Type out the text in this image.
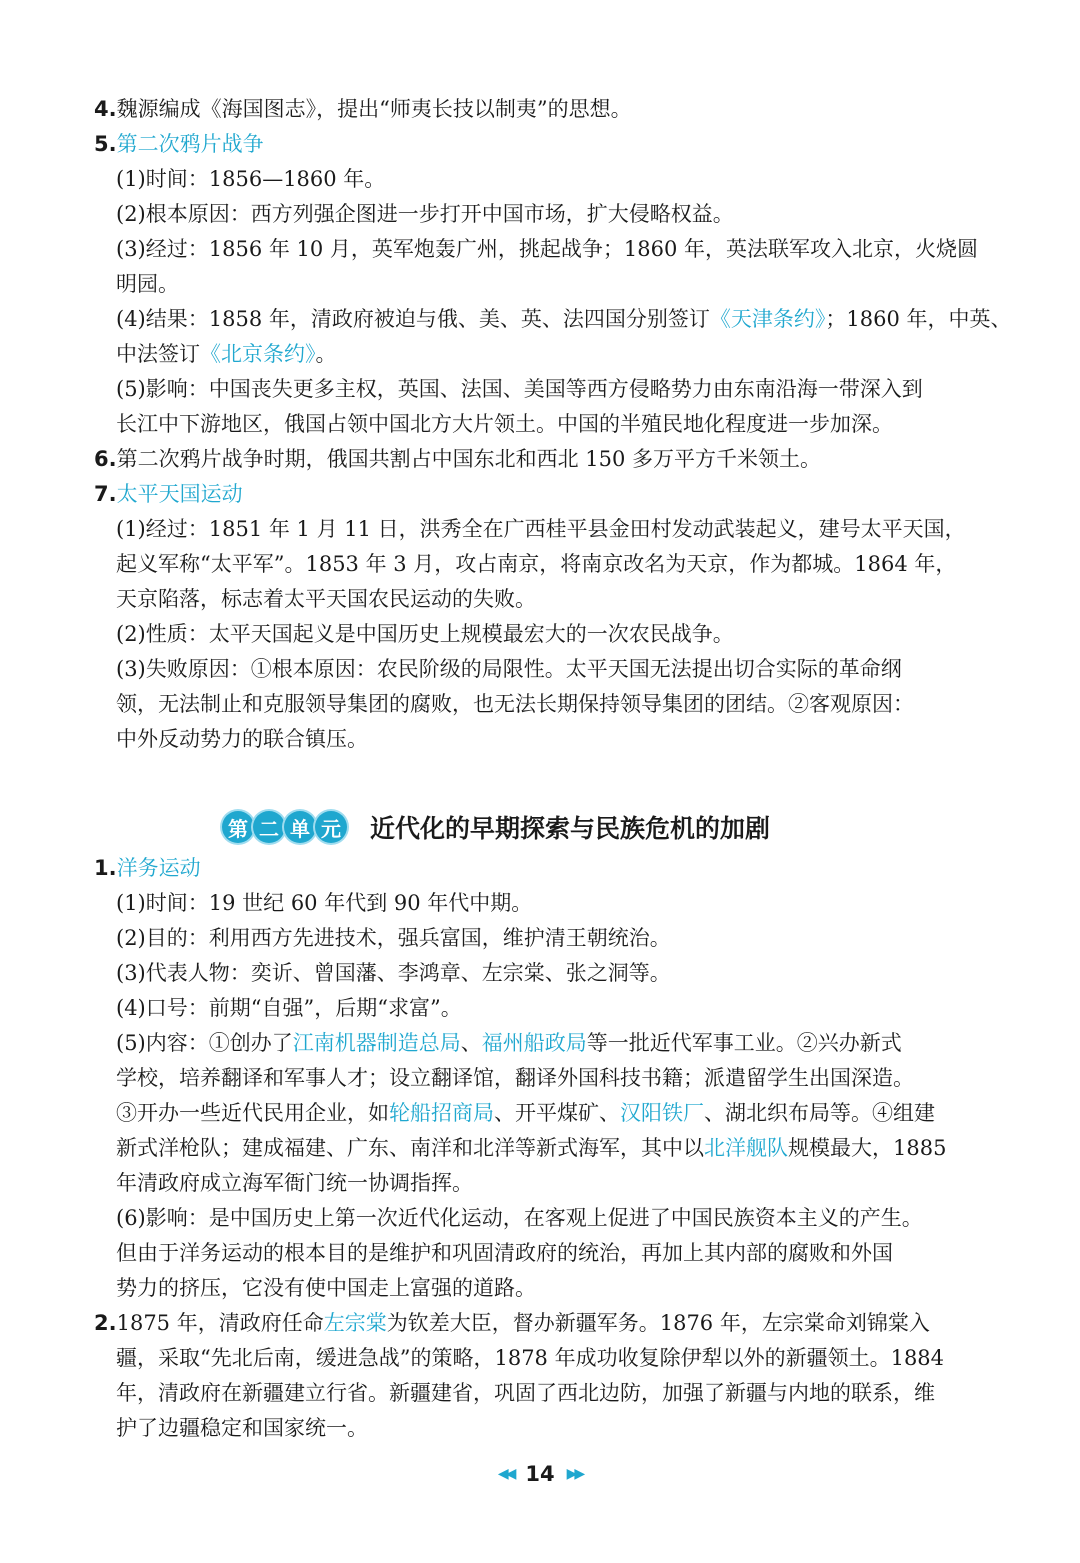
4.魏源编成《海国图志》，提出“师夷长技以制夷”的思想。
5.第二次鸦片战争
(1)时间：1856—1860 年。
(2)根本原因：西方列强企图进一步打开中国市场，扩大侵略权益。
(3)经过：1856 年 10 月，英军炮轰广州，挑起战争；1860 年，英法联军攻入北京，火烧圆
明园。
(4)结果：1858 年，清政府被迫与俄、美、英、法四国分别签订《天津条约》；1860 年，中英、
中法签订《北京条约》。
(5)影响：中国丧失更多主权，英国、法国、美国等西方侵略势力由东南沿海一带深入到
长江中下游地区，俄国占领中国北方大片领土。中国的半殖民地化程度进一步加深。
6.第二次鸦片战争时期，俄国共割占中国东北和西北 150 多万平方千米领土。
7.太平天国运动
(1)经过：1851 年 1 月 11 日，洪秀全在广西桂平县金田村发动武装起义，建号太平天国，
起义军称“太平军”。1853 年 3 月，攻占南京，将南京改名为天京，作为都城。1864 年，
天京陷落，标志着太平天国农民运动的失败。
(2)性质：太平天国起义是中国历史上规模最宏大的一次农民战争。
(3)失败原因：①根本原因：农民阶级的局限性。太平天国无法提出切合实际的革命纲
领，无法制止和克服领导集团的腐败，也无法长期保持领导集团的团结。②客观原因：
中外反动势力的联合镇压。
第 二 单 元 近代化的早期探索与民族危机的加剧
1.洋务运动
(1)时间：19 世纪 60 年代到 90 年代中期。
(2)目的：利用西方先进技术，强兵富国，维护清王朝统治。
(3)代表人物：奕䜣、曾国藩、李鸿章、左宗棠、张之洞等。
(4)口号：前期“自强”，后期“求富”。
(5)内容：①创办了江南机器制造总局、福州船政局等一批近代军事工业。②兴办新式
学校，培养翻译和军事人才；设立翻译馆，翻译外国科技书籍；派遣留学生出国深造。
③开办一些近代民用企业，如轮船招商局、开平煤矿、汉阳铁厂、湖北织布局等。④组建
新式洋枪队；建成福建、广东、南洋和北洋等新式海军，其中以北洋舰队规模最大，1885
年清政府成立海军衙门统一协调指挥。
(6)影响：是中国历史上第一次近代化运动，在客观上促进了中国民族资本主义的产生。
但由于洋务运动的根本目的是维护和巩固清政府的统治，再加上其内部的腐败和外国
势力的挤压，它没有使中国走上富强的道路。
2.1875 年，清政府任命左宗棠为钦差大臣，督办新疆军务。1876 年，左宗棠命刘锦棠入
疆，采取“先北后南，缓进急战”的策略，1878 年成功收复除伊犁以外的新疆领土。1884
年，清政府在新疆建立行省。新疆建省，巩固了西北边防，加强了新疆与内地的联系，维
护了边疆稳定和国家统一。
◀◀ 14 ▶▶
